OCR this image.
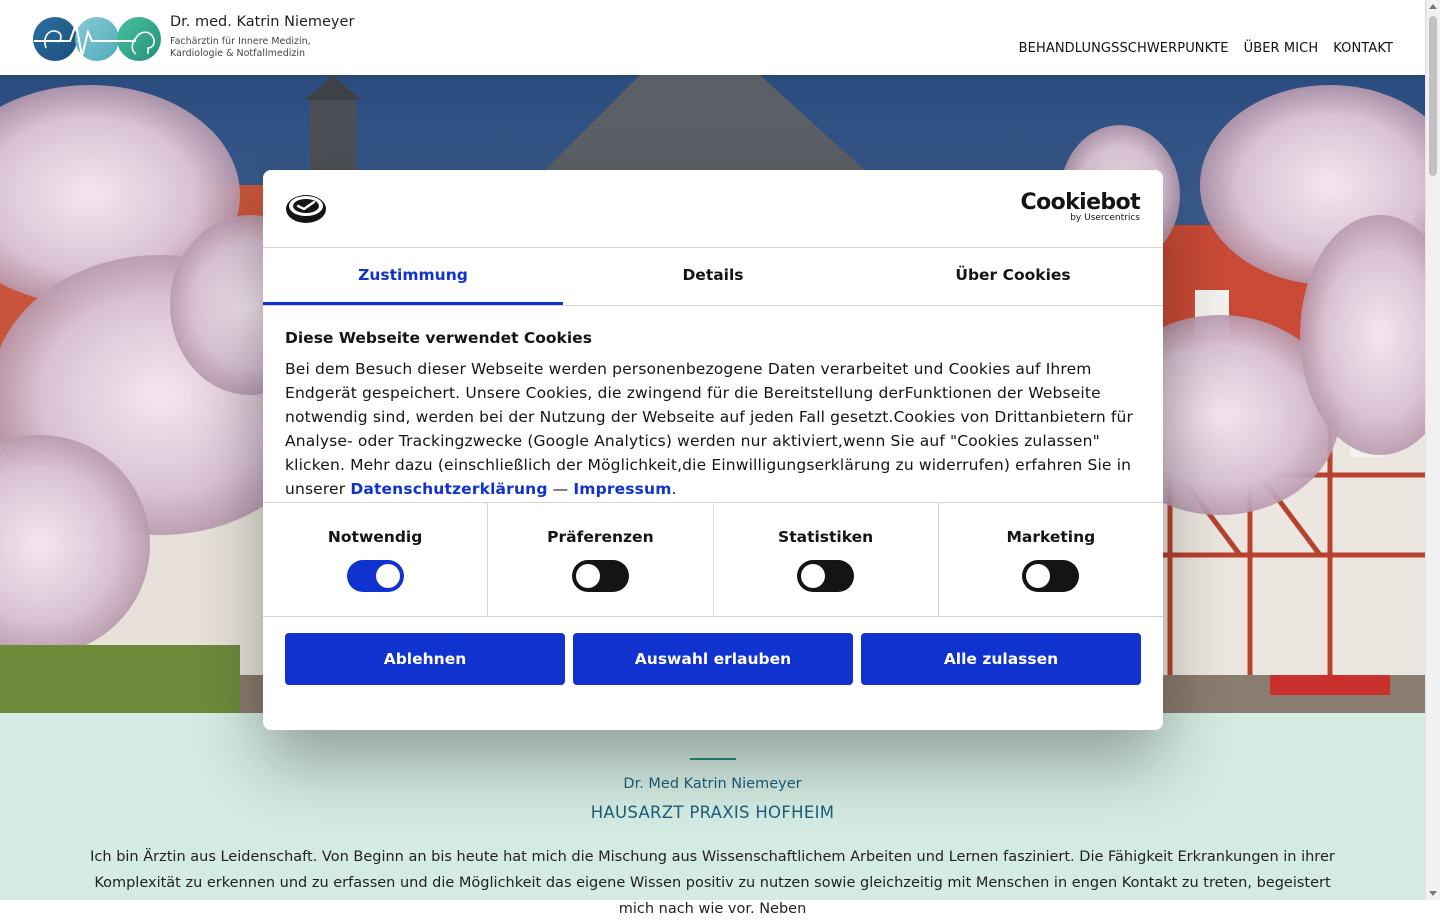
Dr. med. Katrin Niemeyer
Fachärztin für Innere Medizin, Kardiologie & Notfallmedizin	BEHANDLUNGSSCHWERPUNKTE ÜBER MICH KONTAKT
Dr. Med Katrin Niemeyer
HAUSARZT PRAXIS HOFHEIM
Ich bin Ärztin aus Leidenschaft. Von Beginn an bis heute hat mich die Mischung aus Wissenschaftlichem Arbeiten und Lernen fasziniert. Die Fähigkeit Erkrankungen in ihrer Komplexität zu erkennen und zu erfassen und die Möglichkeit das eigene Wissen positiv zu nutzen sowie gleichzeitig mit Menschen in engen Kontakt zu treten, begeistert mich nach wie vor. Neben
Cookiebot
by Usercentrics
Zustimmung	Details	Über Cookies
Diese Webseite verwendet Cookies
Bei dem Besuch dieser Webseite werden personenbezogene Daten verarbeitet und Cookies auf Ihrem Endgerät gespeichert. Unsere Cookies, die zwingend für die Bereitstellung derFunktionen der Webseite notwendig sind, werden bei der Nutzung der Webseite auf jeden Fall gesetzt.Cookies von Drittanbietern für Analyse- oder Trackingzwecke (Google Analytics) werden nur aktiviert,wenn Sie auf "Cookies zulassen" klicken. Mehr dazu (einschließlich der Möglichkeit,die Einwilligungserklärung zu widerrufen) erfahren Sie in unserer Datenschutzerklärung — Impressum.
Notwendig	Präferenzen	Statistiken	Marketing
Ablehnen	Auswahl erlauben	Alle zulassen
